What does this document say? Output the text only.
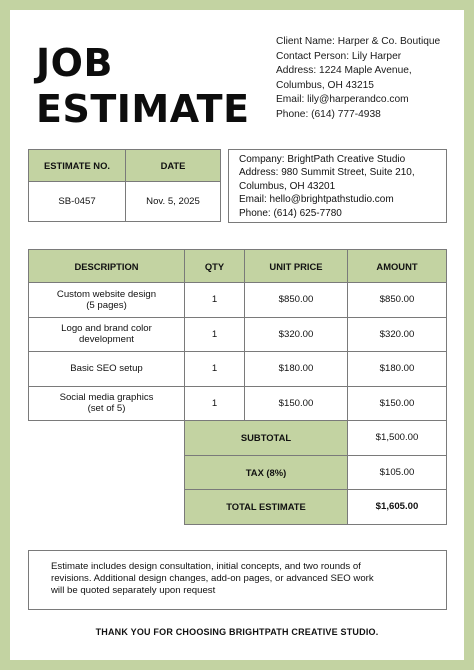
JOB
ESTIMATE
Client Name: Harper & Co. Boutique
Contact Person: Lily Harper
Address: 1224 Maple Avenue,
Columbus, OH 43215
Email: lily@harperandco.com
Phone: (614) 777-4938
ESTIMATE NO.	DATE
SB-0457	Nov. 5, 2025
Company: BrightPath Creative Studio
Address: 980 Summit Street, Suite 210,
Columbus, OH 43201
Email: hello@brightpathstudio.com
Phone: (614) 625-7780
DESCRIPTION	QTY	UNIT PRICE	AMOUNT

Custom website design
(5 pages)	1	$850.00	$850.00

Logo and brand color
development	1	$320.00	$320.00

Basic SEO setup	1	$180.00	$180.00

Social media graphics
(set of 5)	1	$150.00	$150.00
	SUBTOTAL		$1,500.00
	TAX (8%)		$105.00
	TOTAL ESTIMATE		$1,605.00
Estimate includes design consultation, initial concepts, and two rounds of
revisions. Additional design changes, add-on pages, or advanced SEO work
will be quoted separately upon request
THANK YOU FOR CHOOSING BRIGHTPATH CREATIVE STUDIO.
